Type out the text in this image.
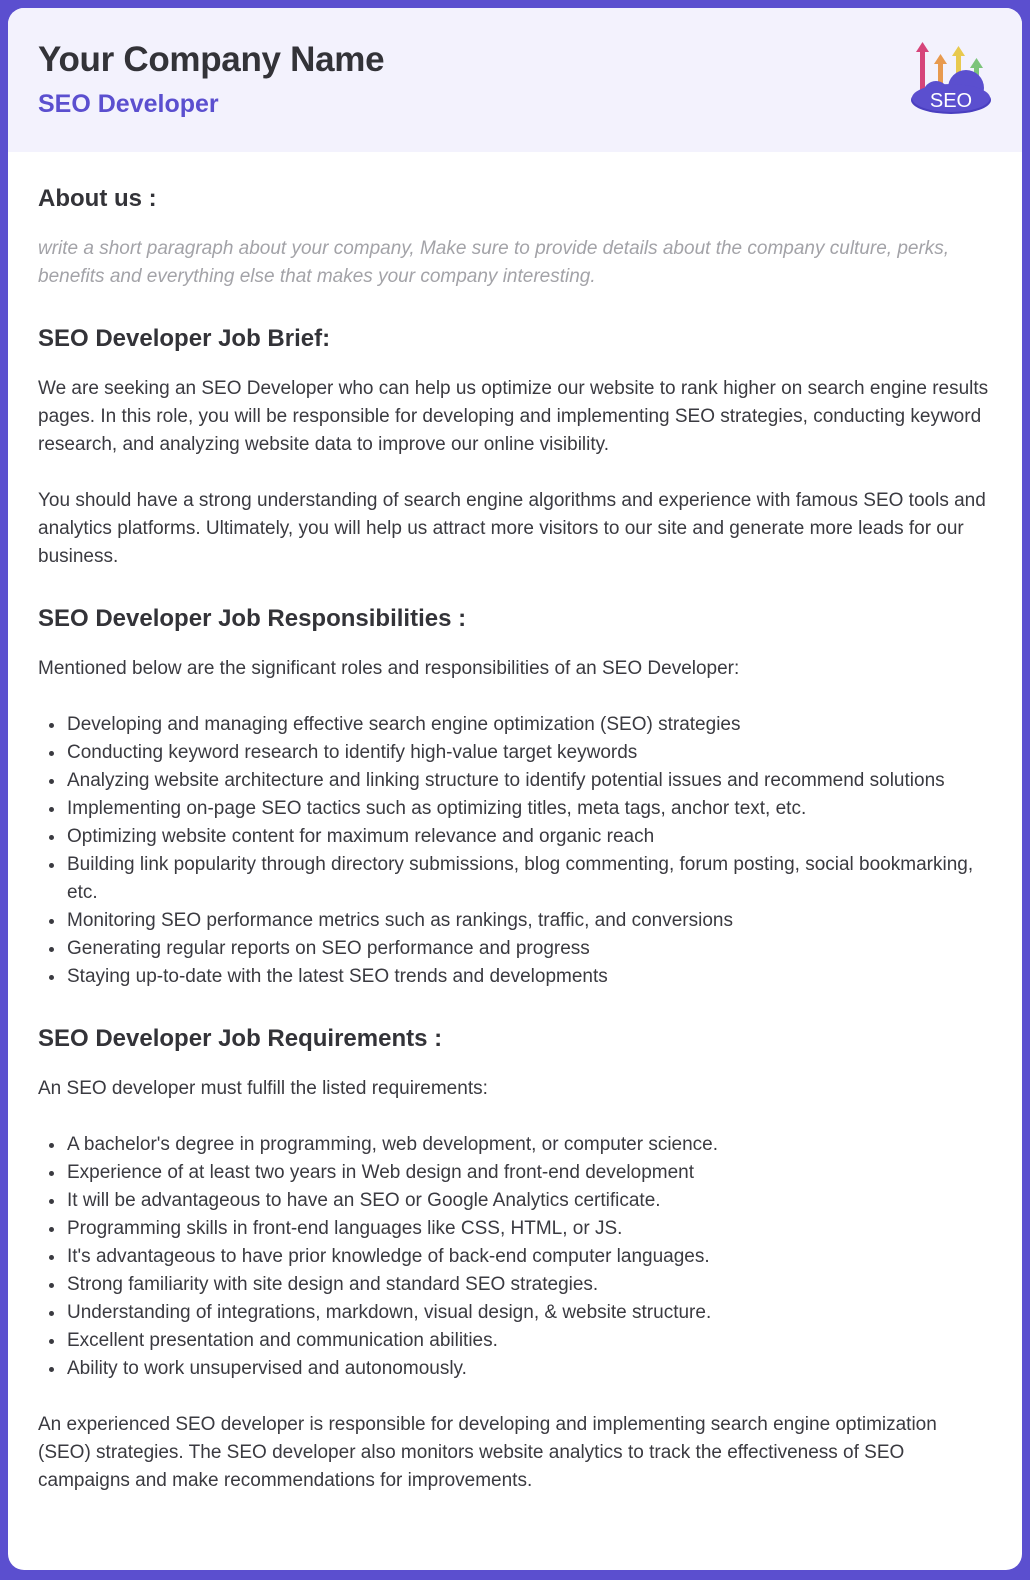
Your Company Name
SEO Developer	SEO
About us :

write a short paragraph about your company, Make sure to provide details about the company culture, perks, benefits and everything else that makes your company interesting.

SEO Developer Job Brief:

We are seeking an SEO Developer who can help us optimize our website to rank higher on search engine results pages. In this role, you will be responsible for developing and implementing SEO strategies, conducting keyword research, and analyzing website data to improve our online visibility.

You should have a strong understanding of search engine algorithms and experience with famous SEO tools and analytics platforms. Ultimately, you will help us attract more visitors to our site and generate more leads for our business.

SEO Developer Job Responsibilities :

Mentioned below are the significant roles and responsibilities of an SEO Developer:

Developing and managing effective search engine optimization (SEO) strategies
Conducting keyword research to identify high-value target keywords
Analyzing website architecture and linking structure to identify potential issues and recommend solutions
Implementing on-page SEO tactics such as optimizing titles, meta tags, anchor text, etc.
Optimizing website content for maximum relevance and organic reach
Building link popularity through directory submissions, blog commenting, forum posting, social bookmarking, etc.
Monitoring SEO performance metrics such as rankings, traffic, and conversions
Generating regular reports on SEO performance and progress
Staying up-to-date with the latest SEO trends and developments
SEO Developer Job Requirements :

An SEO developer must fulfill the listed requirements:

A bachelor's degree in programming, web development, or computer science.
Experience of at least two years in Web design and front-end development
It will be advantageous to have an SEO or Google Analytics certificate.
Programming skills in front-end languages like CSS, HTML, or JS.
It's advantageous to have prior knowledge of back-end computer languages.
Strong familiarity with site design and standard SEO strategies.
Understanding of integrations, markdown, visual design, & website structure.
Excellent presentation and communication abilities.
Ability to work unsupervised and autonomously.

An experienced SEO developer is responsible for developing and implementing search engine optimization (SEO) strategies. The SEO developer also monitors website analytics to track the effectiveness of SEO campaigns and make recommendations for improvements.
